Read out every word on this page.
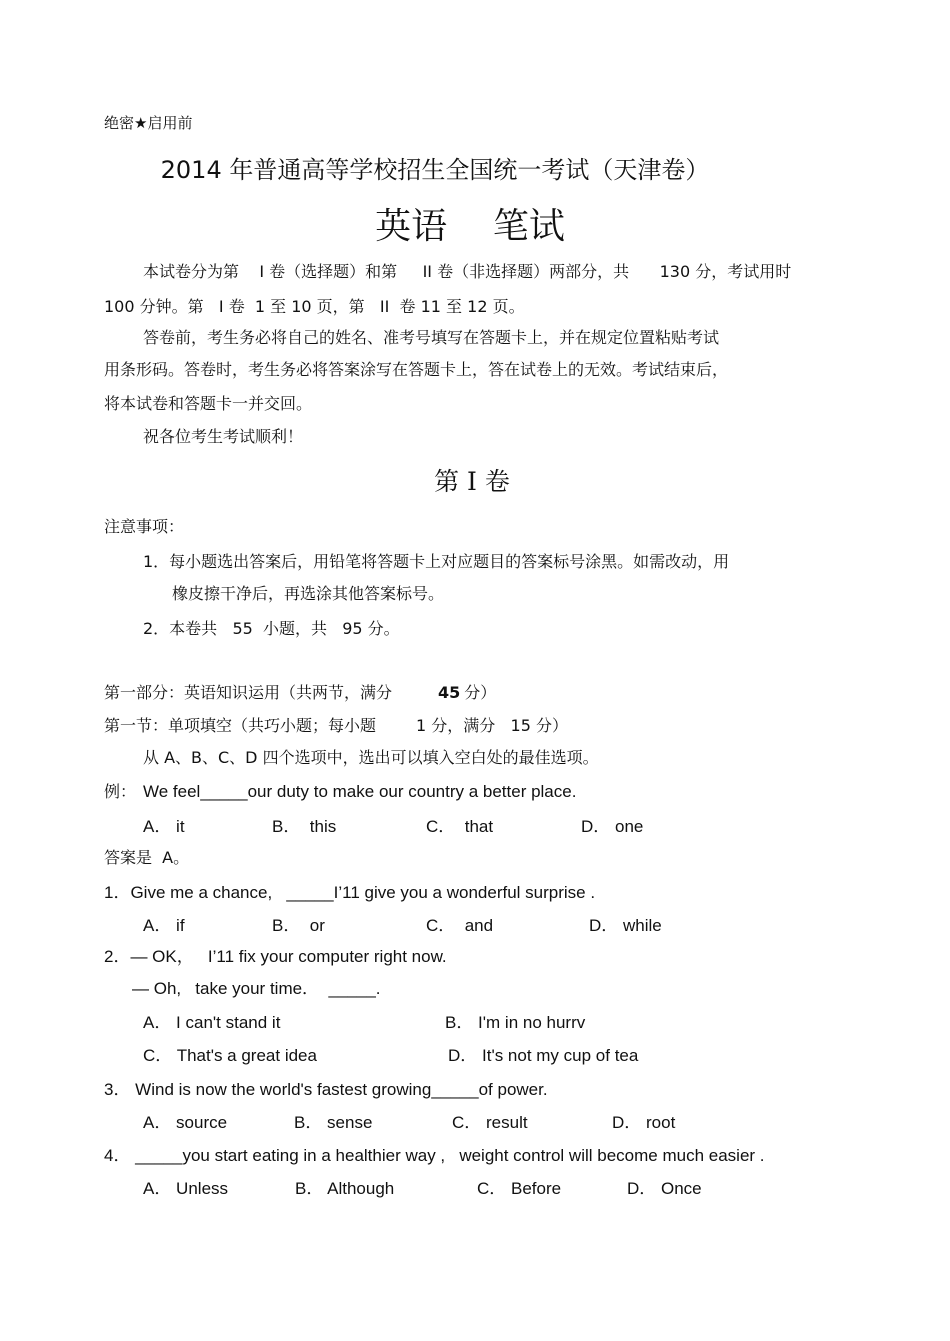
绝密★启用前
2014 年普通高等学校招生全国统一考试（天津卷）
英语    笔试
本试卷分为第    I 卷（选择题）和第     II 卷（非选择题）两部分，共      130 分，考试用时
100 分钟。第   I 卷  1 至 10 页，第   II  卷 11 至 12 页。
答卷前，考生务必将自己的姓名、准考号填写在答题卡上，并在规定位置粘贴考试
用条形码。答卷时，考生务必将答案涂写在答题卡上，答在试卷上的无效。考试结束后，
将本试卷和答题卡一并交回。
祝各位考生考试顺利！
第 I 卷
注意事项：
1．每小题选出答案后，用铅笔将答题卡上对应题目的答案标号涂黑。如需改动，用
橡皮擦干净后，再选涂其他答案标号。
2．本卷共   55  小题，共   95 分。
第一部分：英语知识运用（共两节，满分	45 分）
第一节：单项填空（共巧小题；每小题	1 分，满分   15 分）
从 A、B、C、D 四个选项中，选出可以填入空白处的最佳选项。
例： We feel_____our duty to make our country a better place.
A． it	B．  this	C．  that	D． one
答案是  A。
1．Give me a chance,   _____I’11 give you a wonderful surprise .
A． if	B．  or	C．  and	D． while
2．— OK，   I’11 fix your computer right now.
— Oh,   take your time．  _____.
A． I can't stand it	B． I'm in no hurrv
C． That's a great idea	D． It's not my cup of tea
3． Wind is now the world's fastest growing_____of power.
A． source	B． sense	C． result	D． root
4． _____you start eating in a healthier way ,   weight control will become much easier .
A． Unless	B． Although	C． Before	D． Once
